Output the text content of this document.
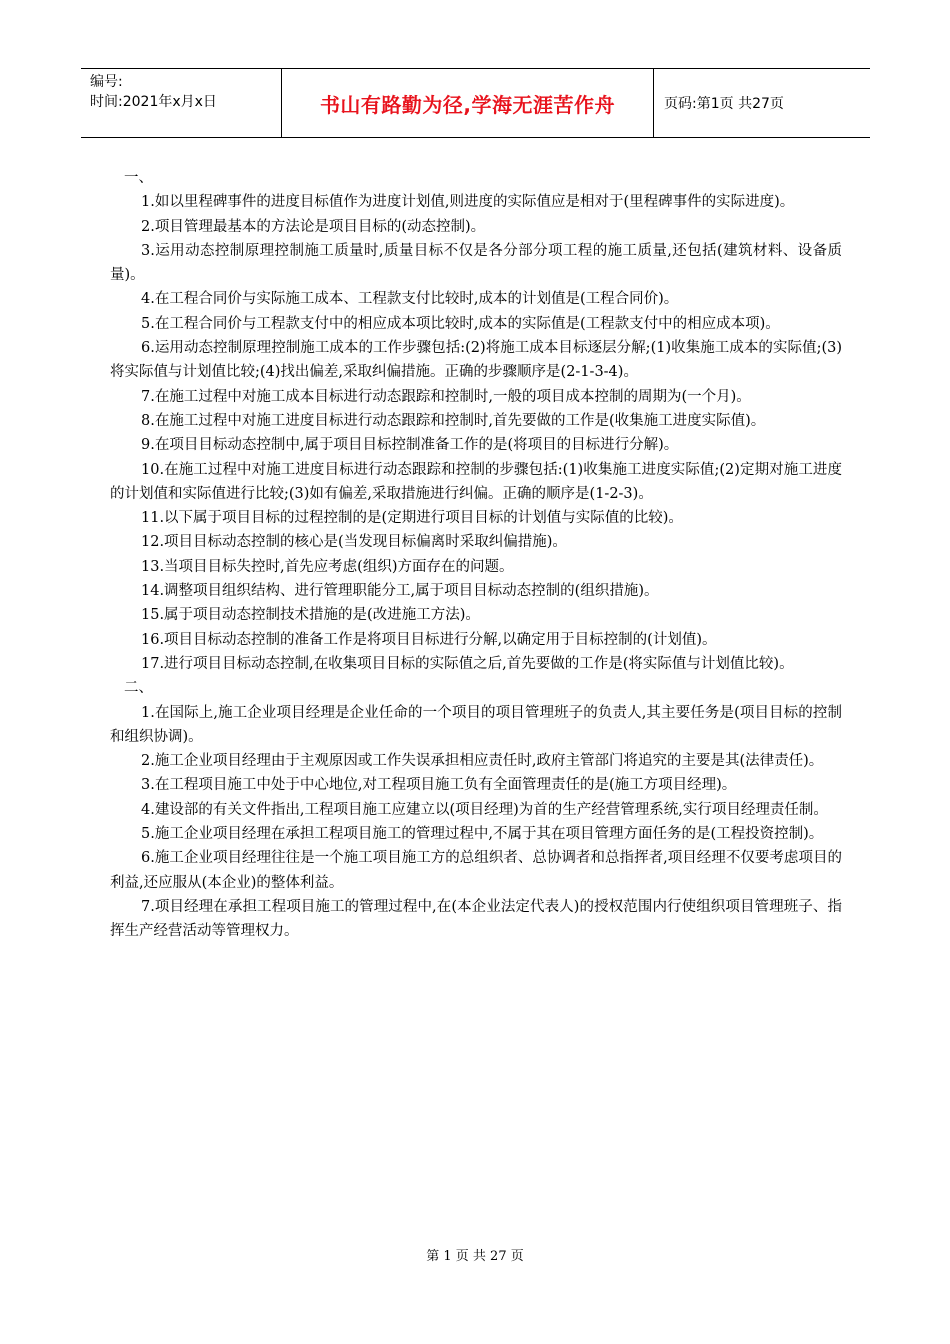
编号:
时间:2021年x月x日	书山有路勤为径,学海无涯苦作舟	页码:第1页 共27页

一、

1.如以里程碑事件的进度目标值作为进度计划值,则进度的实际值应是相对于(里程碑事件的实际进度)。

2.项目管理最基本的方法论是项目目标的(动态控制)。

3.运用动态控制原理控制施工质量时,质量目标不仅是各分部分项工程的施工质量,还包括(建筑材料、设备质量)。

4.在工程合同价与实际施工成本、工程款支付比较时,成本的计划值是(工程合同价)。

5.在工程合同价与工程款支付中的相应成本项比较时,成本的实际值是(工程款支付中的相应成本项)。

6.运用动态控制原理控制施工成本的工作步骤包括:(2)将施工成本目标逐层分解;(1)收集施工成本的实际值;(3)将实际值与计划值比较;(4)找出偏差,采取纠偏措施。正确的步骤顺序是(2-1-3-4)。

7.在施工过程中对施工成本目标进行动态跟踪和控制时,一般的项目成本控制的周期为(一个月)。

8.在施工过程中对施工进度目标进行动态跟踪和控制时,首先要做的工作是(收集施工进度实际值)。

9.在项目目标动态控制中,属于项目目标控制准备工作的是(将项目的目标进行分解)。

10.在施工过程中对施工进度目标进行动态跟踪和控制的步骤包括:(1)收集施工进度实际值;(2)定期对施工进度的计划值和实际值进行比较;(3)如有偏差,采取措施进行纠偏。正确的顺序是(1-2-3)。

11.以下属于项目目标的过程控制的是(定期进行项目目标的计划值与实际值的比较)。

12.项目目标动态控制的核心是(当发现目标偏离时采取纠偏措施)。

13.当项目目标失控时,首先应考虑(组织)方面存在的问题。

14.调整项目组织结构、进行管理职能分工,属于项目目标动态控制的(组织措施)。

15.属于项目动态控制技术措施的是(改进施工方法)。

16.项目目标动态控制的准备工作是将项目目标进行分解,以确定用于目标控制的(计划值)。

17.进行项目目标动态控制,在收集项目目标的实际值之后,首先要做的工作是(将实际值与计划值比较)。

二、

1.在国际上,施工企业项目经理是企业任命的一个项目的项目管理班子的负责人,其主要任务是(项目目标的控制和组织协调)。

2.施工企业项目经理由于主观原因或工作失误承担相应责任时,政府主管部门将追究的主要是其(法律责任)。

3.在工程项目施工中处于中心地位,对工程项目施工负有全面管理责任的是(施工方项目经理)。

4.建设部的有关文件指出,工程项目施工应建立以(项目经理)为首的生产经营管理系统,实行项目经理责任制。

5.施工企业项目经理在承担工程项目施工的管理过程中,不属于其在项目管理方面任务的是(工程投资控制)。

6.施工企业项目经理往往是一个施工项目施工方的总组织者、总协调者和总指挥者,项目经理不仅要考虑项目的利益,还应服从(本企业)的整体利益。

7.项目经理在承担工程项目施工的管理过程中,在(本企业法定代表人)的授权范围内行使组织项目管理班子、指挥生产经营活动等管理权力。

第 1 页 共 27 页
